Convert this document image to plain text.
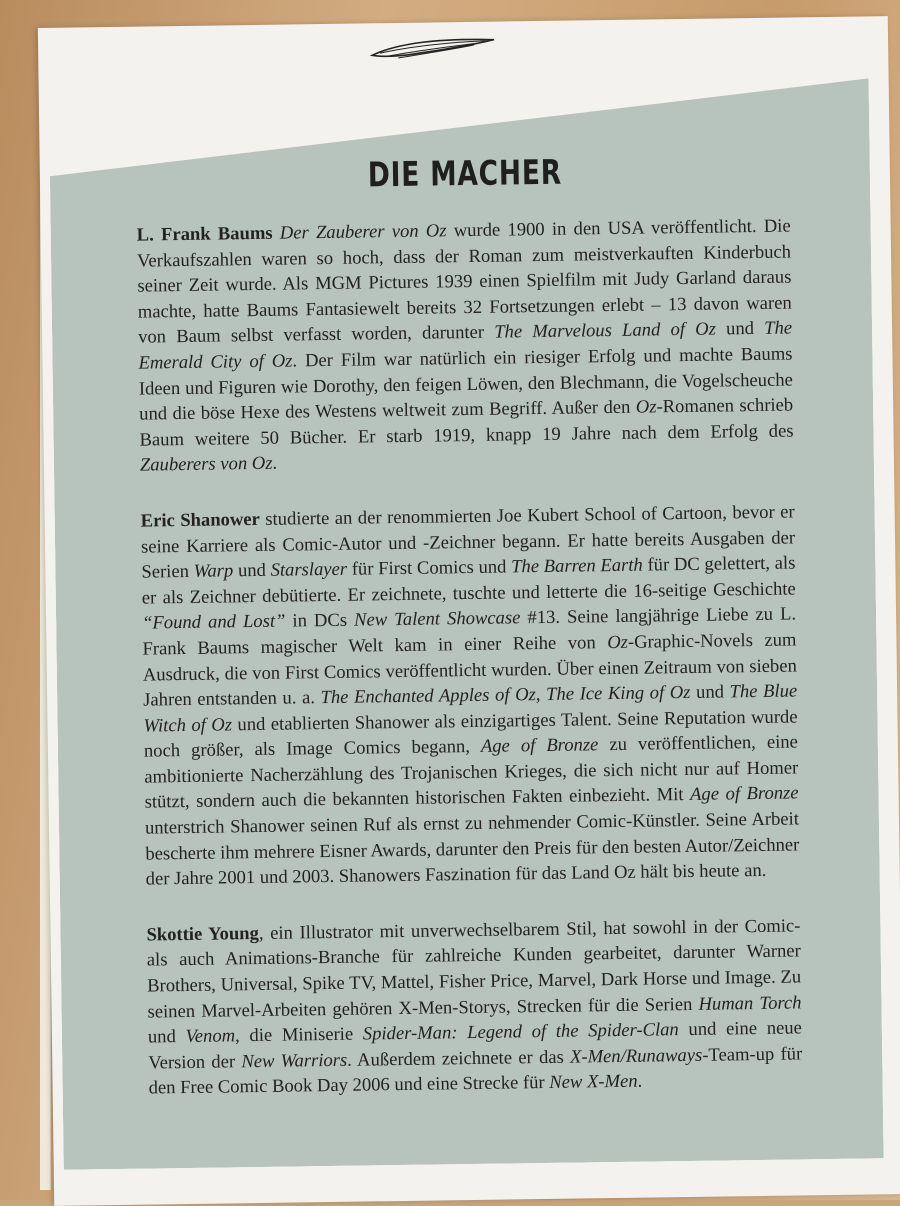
DIE MACHER

L. Frank Baums Der Zauberer von Oz wurde 1900 in den USA veröffentlicht. Die Verkaufszahlen waren so hoch, dass der Roman zum meistverkauften Kinderbuch seiner Zeit wurde. Als MGM Pictures 1939 einen Spielfilm mit Judy Garland daraus machte, hatte Baums Fantasiewelt bereits 32 Fortsetzungen erlebt – 13 davon waren von Baum selbst verfasst worden, darunter The Marvelous Land of Oz und The Emerald City of Oz. Der Film war natürlich ein riesiger Erfolg und machte Baums Ideen und Figuren wie Dorothy, den feigen Löwen, den Blechmann, die Vogelscheuche und die böse Hexe des Westens weltweit zum Begriff. Außer den Oz-Romanen schrieb Baum weitere 50 Bücher. Er starb 1919, knapp 19 Jahre nach dem Erfolg des Zauberers von Oz.

Eric Shanower studierte an der renommierten Joe Kubert School of Cartoon, bevor er seine Karriere als Comic-Autor und -Zeichner begann. Er hatte bereits Ausgaben der Serien Warp und Starslayer für First Comics und The Barren Earth für DC gelettert, als er als Zeichner debütierte. Er zeichnete, tuschte und letterte die 16-seitige Geschichte “Found and Lost” in DCs New Talent Showcase #13. Seine langjährige Liebe zu L. Frank Baums magischer Welt kam in einer Reihe von Oz-Graphic-Novels zum Ausdruck, die von First Comics veröffentlicht wurden. Über einen Zeitraum von sieben Jahren entstanden u. a. The Enchanted Apples of Oz, The Ice King of Oz und The Blue Witch of Oz und etablierten Shanower als einzigartiges Talent. Seine Reputation wurde noch größer, als Image Comics begann, Age of Bronze zu veröffentlichen, eine ambitionierte Nacherzählung des Trojanischen Krieges, die sich nicht nur auf Homer stützt, sondern auch die bekannten historischen Fakten einbezieht. Mit Age of Bronze unterstrich Shanower seinen Ruf als ernst zu nehmender Comic-Künstler. Seine Arbeit bescherte ihm mehrere Eisner Awards, darunter den Preis für den besten Autor/Zeichner der Jahre 2001 und 2003. Shanowers Faszination für das Land Oz hält bis heute an.

Skottie Young, ein Illustrator mit unverwechselbarem Stil, hat sowohl in der Comic- als auch Animations-Branche für zahlreiche Kunden gearbeitet, darunter Warner Brothers, Universal, Spike TV, Mattel, Fisher Price, Marvel, Dark Horse und Image. Zu seinen Marvel-Arbeiten gehören X-Men-Storys, Strecken für die Serien Human Torch und Venom, die Miniserie Spider-Man: Legend of the Spider-Clan und eine neue Version der New Warriors. Außerdem zeichnete er das X-Men/Runaways-Team-up für den Free Comic Book Day 2006 und eine Strecke für New X-Men.
